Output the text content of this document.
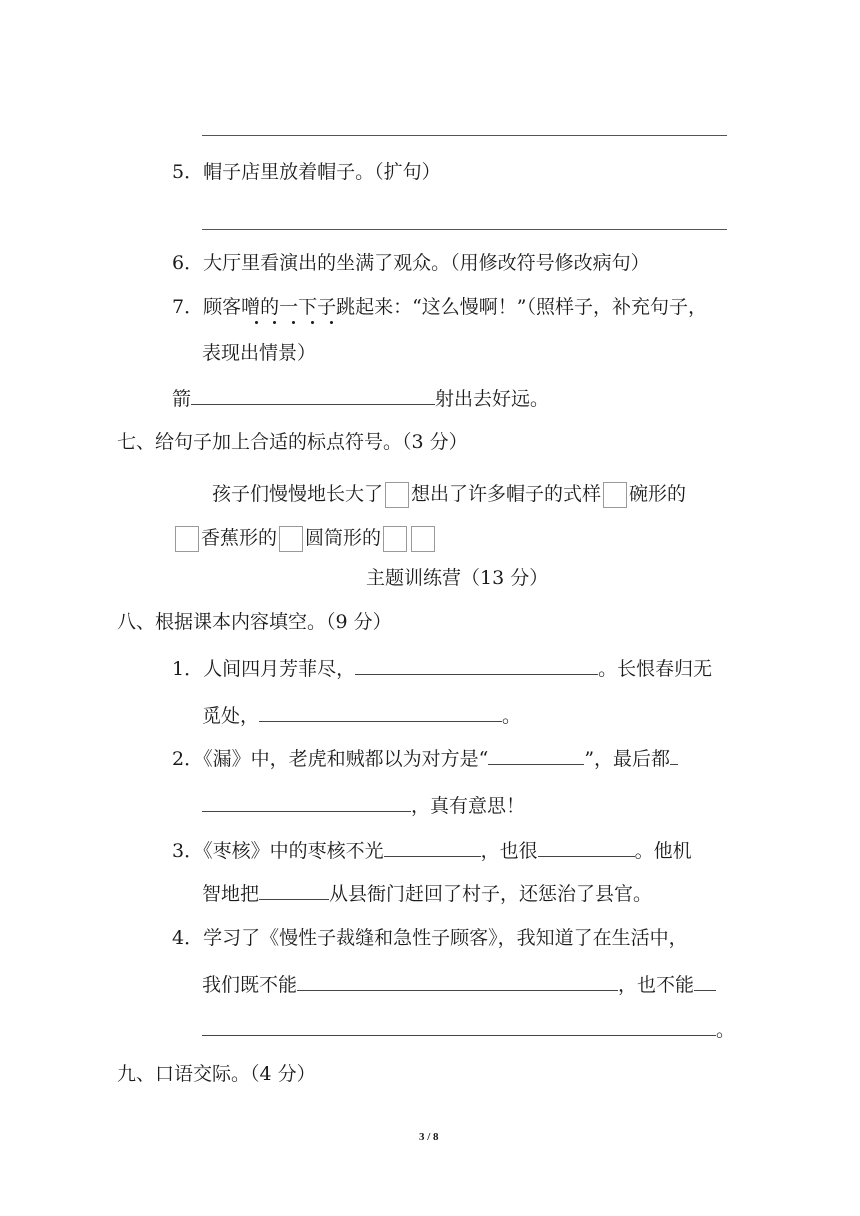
5．帽子店里放着帽子。（扩句）
6．大厅里看演出的坐满了观众。（用修改符号修改病句）
7．顾客噌的一下子跳起来：“这么慢啊！”（照样子，补充句子，
表现出情景）
箭	射出去好远。
七、给句子加上合适的标点符号。（3 分）
孩子们慢慢地长大了 想出了许多帽子的式样 碗形的
香蕉形的 圆筒形的
主题训练营（13 分）
八、根据课本内容填空。（9 分）
1．人间四月芳菲尽，	。长恨春归无
觅处，	。
2．《漏》中，老虎和贼都以为对方是“	”，最后都
，真有意思！
3．《枣核》中的枣核不光	，也很	。他机
智地把	从县衙门赶回了村子，还惩治了县官。
4．学习了《慢性子裁缝和急性子顾客》，我知道了在生活中，
我们既不能	，也不能
。
九、口语交际。（4 分）
3 / 8
